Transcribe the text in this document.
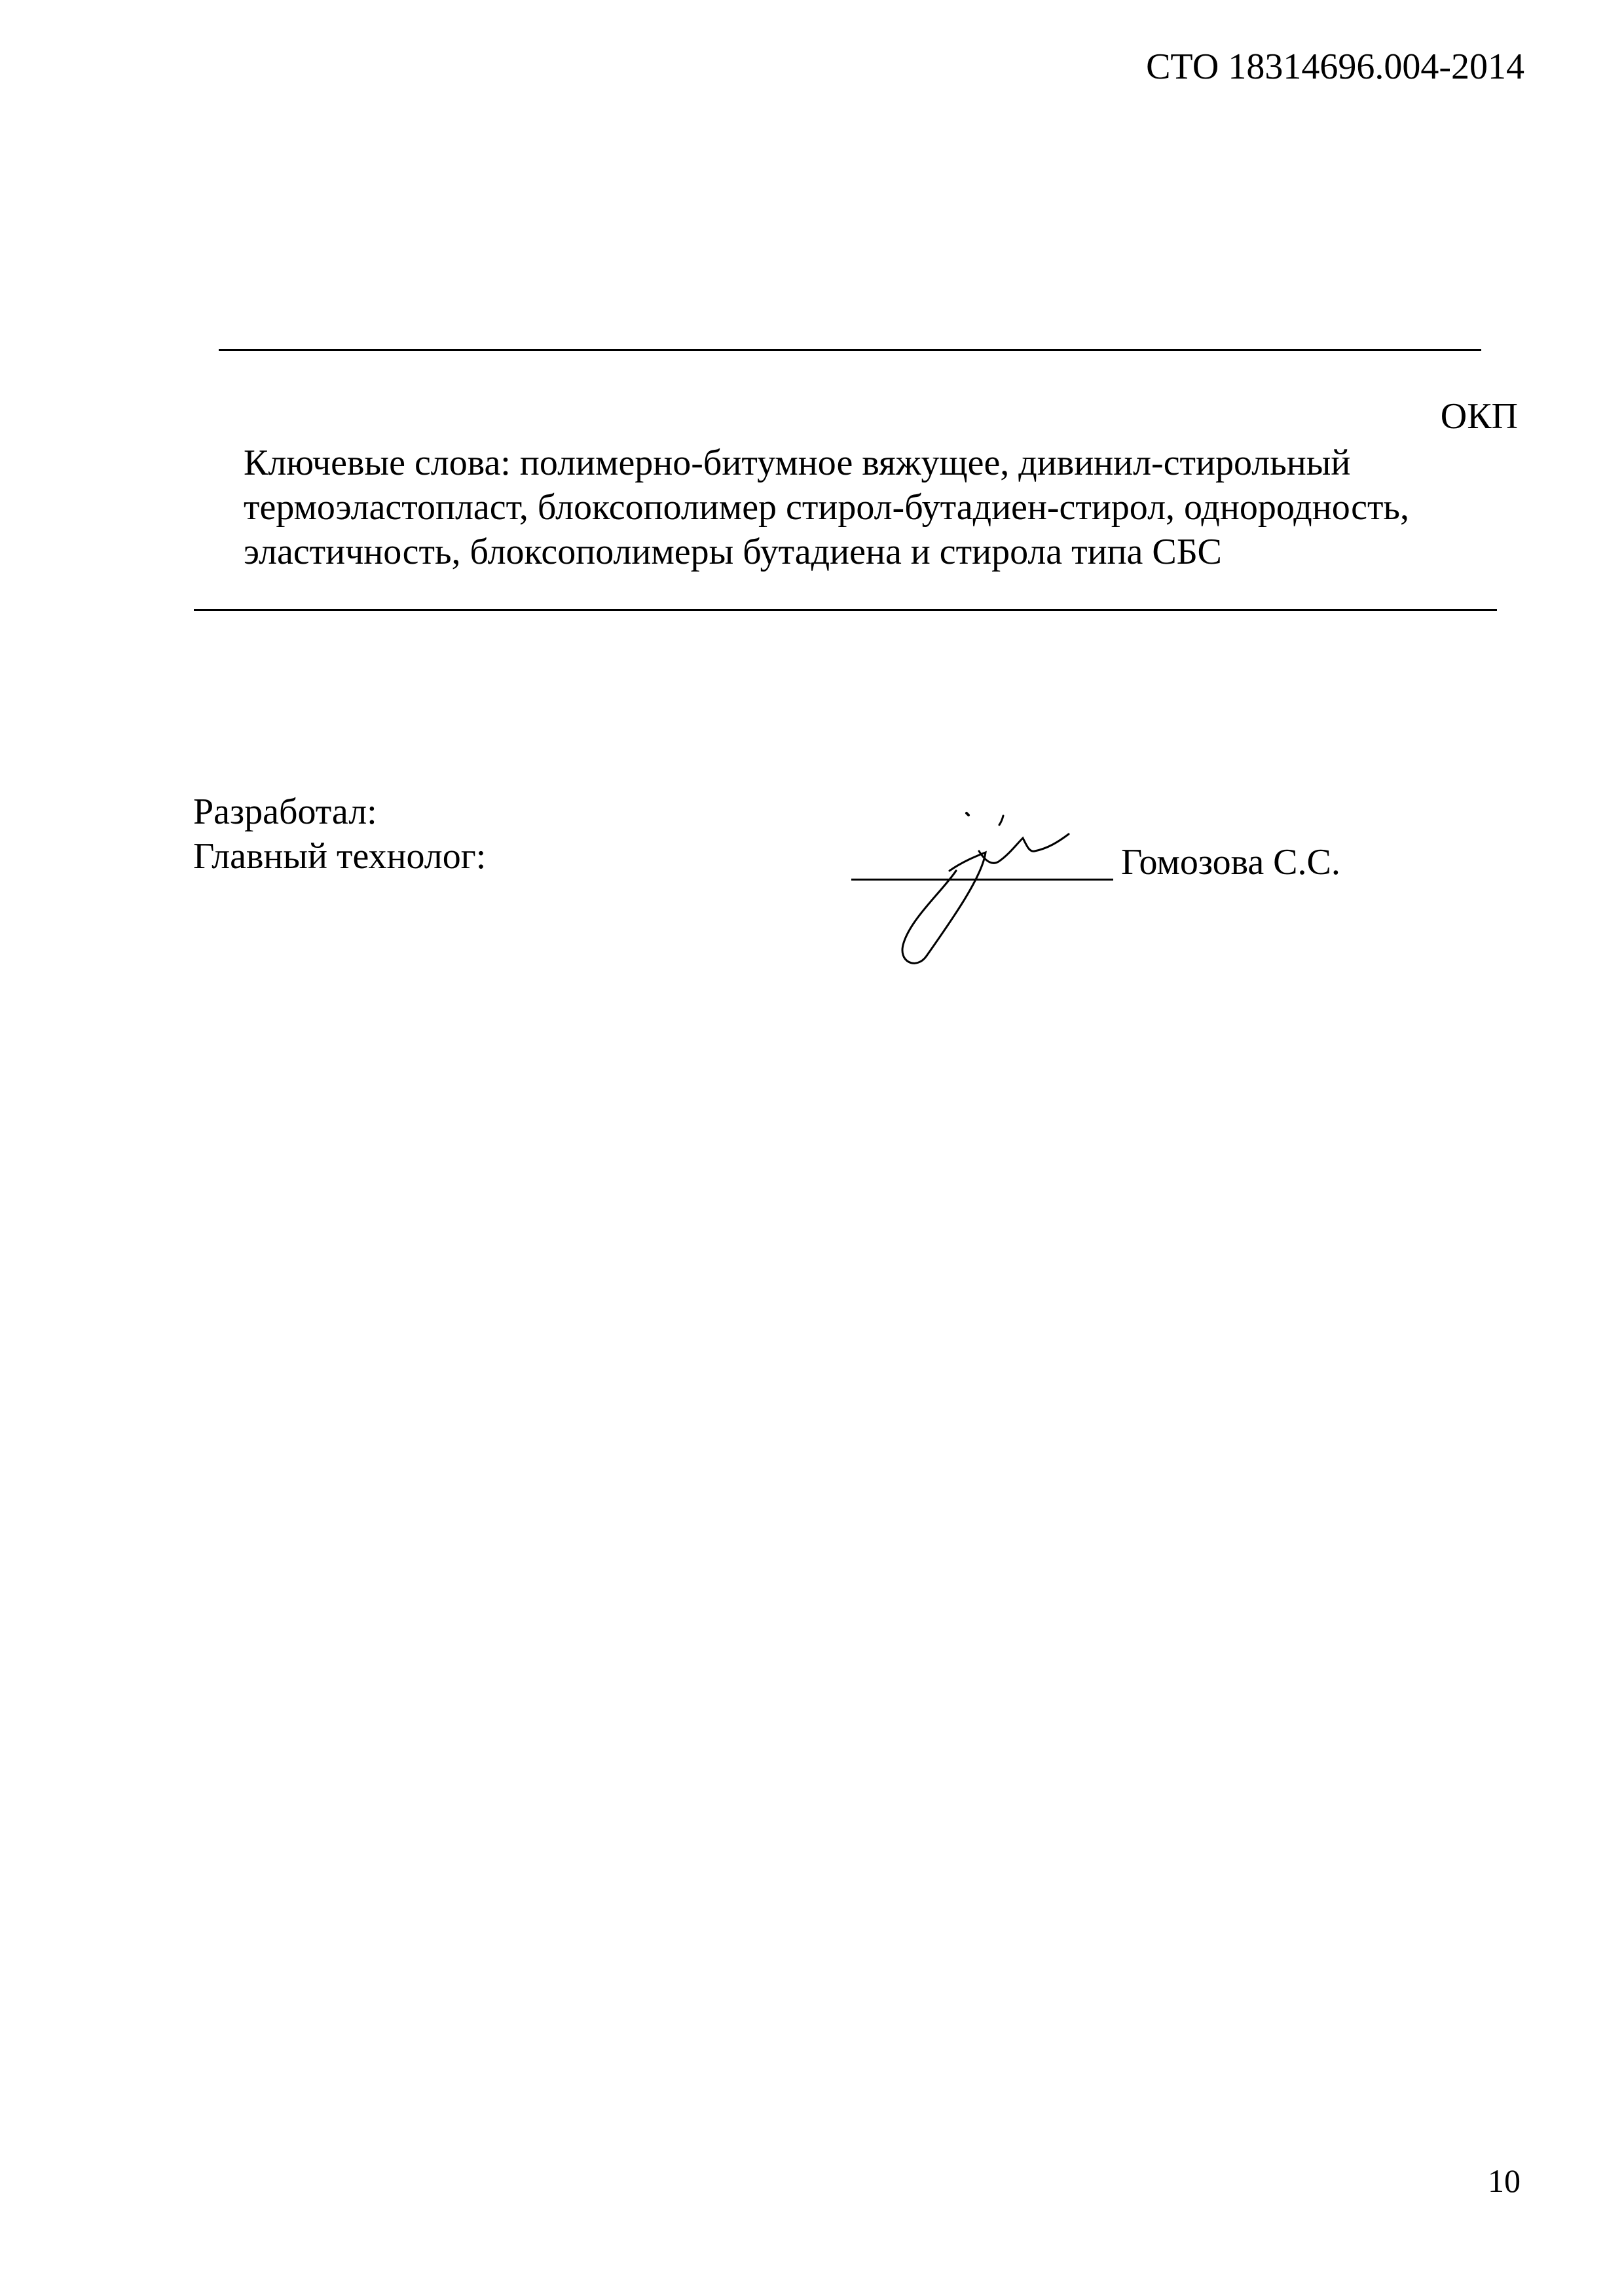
СТО 18314696.004-2014
ОКП
Ключевые слова: полимерно-битумное вяжущее, дивинил-стирольный
термоэластопласт, блоксополимер стирол-бутадиен-стирол, однородность,
эластичность, блоксополимеры бутадиена и стирола типа СБС
Разработал:
Главный технолог:	Гомозова С.С.
10
